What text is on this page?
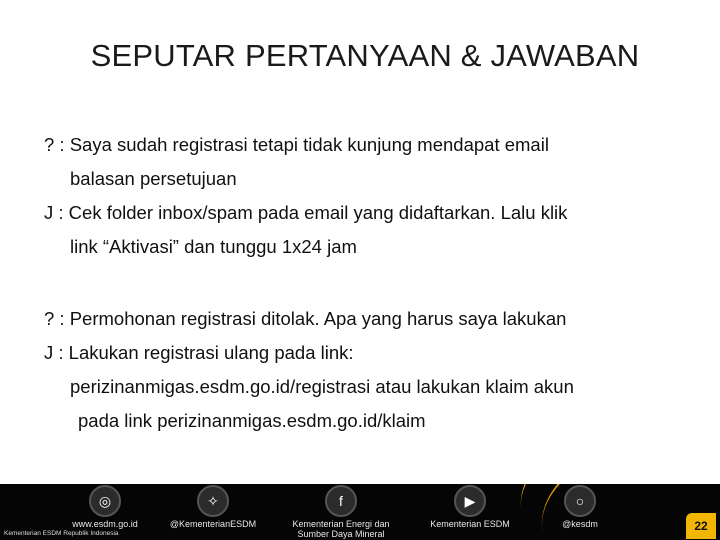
SEPUTAR PERTANYAAN & JAWABAN
? : Saya sudah registrasi tetapi tidak kunjung mendapat email
balasan persetujuan
J : Cek folder inbox/spam pada email yang didaftarkan. Lalu klik
link “Aktivasi” dan tunggu 1x24 jam
? : Permohonan registrasi ditolak. Apa yang harus saya lakukan
J : Lakukan registrasi ulang pada link:
perizinanmigas.esdm.go.id/registrasi atau lakukan klaim akun
pada link perizinanmigas.esdm.go.id/klaim
◎
www.esdm.go.id
✧
@KementerianESDM
f
Kementerian Energi dan Sumber Daya Mineral
▶
Kementerian ESDM
○
@kesdm
Kementerian ESDM Republik Indonesia
22
